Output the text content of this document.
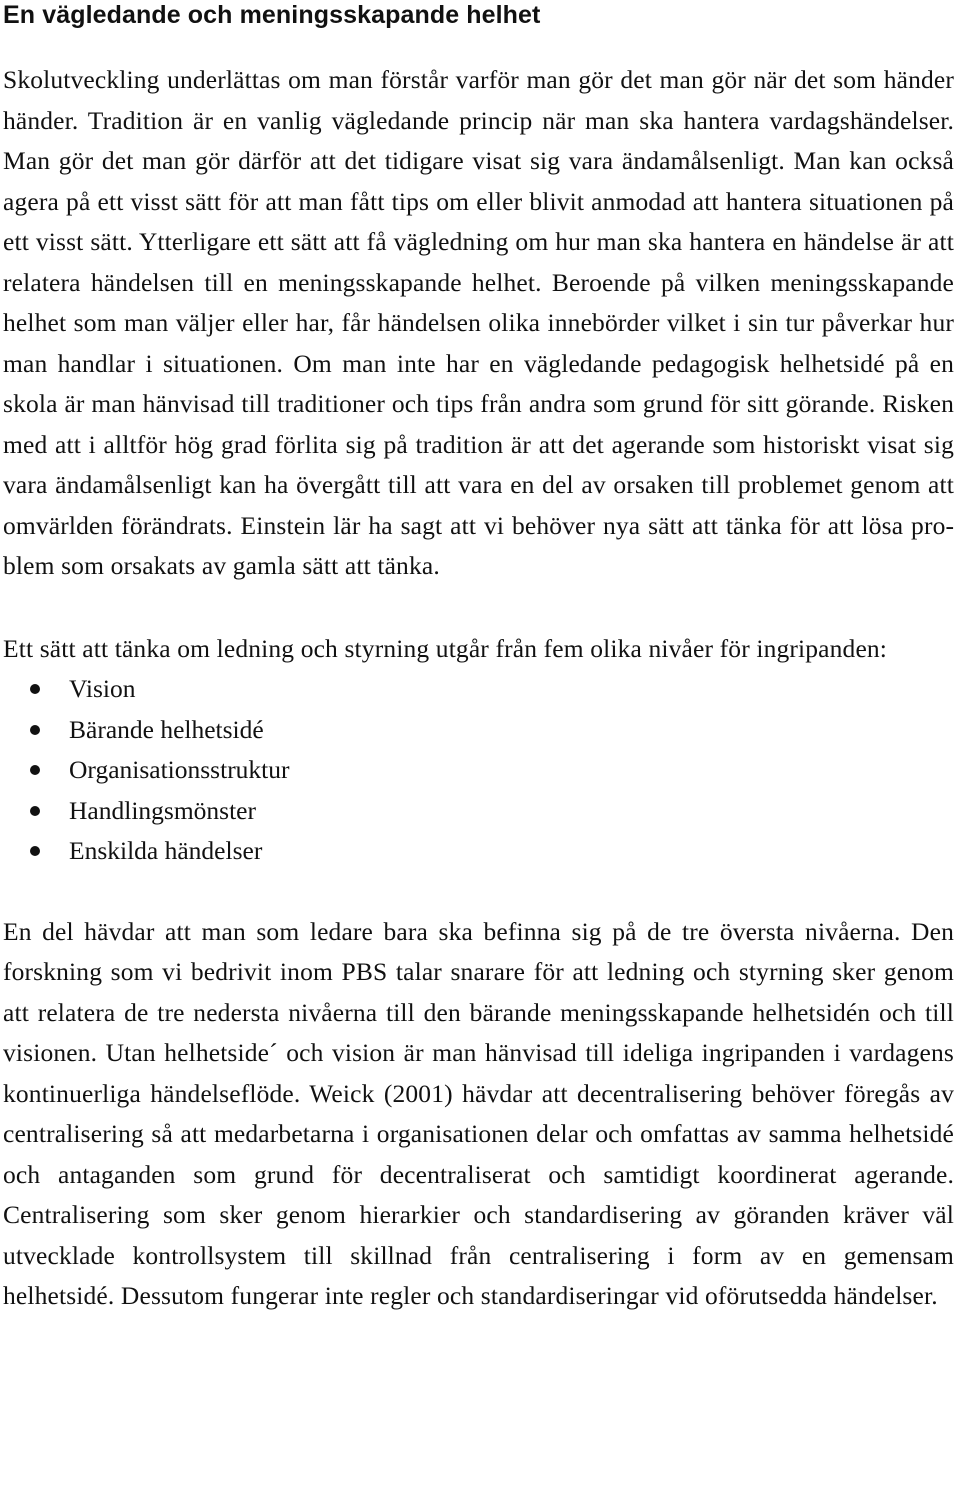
En vägledande och meningsskapande helhet

Skolutveckling underlättas om man förstår varför man gör det man gör när det som händer händer. Tradition är en vanlig vägledande princip när man ska hantera vardagshändelser. Man gör det man gör därför att det tidigare visat sig vara ändamålsenligt. Man kan också agera på ett visst sätt för att man fått tips om eller blivit anmodad att hantera situationen på ett visst sätt. Ytterligare ett sätt att få vägledning om hur man ska hantera en händelse är att relatera händelsen till en meningsskapande helhet. Beroende på vilken meningsskapande helhet som man väljer eller har, får händelsen olika innebörder vilket i sin tur påverkar hur man handlar i situationen. Om man inte har en vägledande pedagogisk helhetsidé på en skola är man hänvisad till traditioner och tips från andra som grund för sitt görande. Risken med att i alltför hög grad förlita sig på tradition är att det agerande som historiskt visat sig vara ändamålsenligt kan ha övergått till att vara en del av orsaken till problemet genom att omvärlden förändrats. Einstein lär ha sagt att vi behöver nya sätt att tänka för att lösa problem som orsakats av gamla sätt att tänka.

Ett sätt att tänka om ledning och styrning utgår från fem olika nivåer för ingripanden:

Vision
Bärande helhetsidé
Organisationsstruktur
Handlingsmönster
Enskilda händelser

En del hävdar att man som ledare bara ska befinna sig på de tre översta nivåerna. Den forskning som vi bedrivit inom PBS talar snarare för att ledning och styrning sker genom att relatera de tre nedersta nivåerna till den bärande meningsskapande helhetsidén och till visionen. Utan helhetside´ och vision är man hänvisad till ideliga ingripanden i vardagens kontinuerliga händelseflöde. Weick (2001) hävdar att decentralisering behöver föregås av centralisering så att medarbetarna i organisationen delar och omfattas av samma helhetsidé och antaganden som grund för decentraliserat och samtidigt koordinerat agerande. Centralisering som sker genom hierarkier och standardisering av göranden kräver väl utvecklade kontrollsystem till skillnad från centralisering i form av en gemensam helhetsidé. Dessutom fungerar inte regler och standardiseringar vid oförutsedda händelser.
